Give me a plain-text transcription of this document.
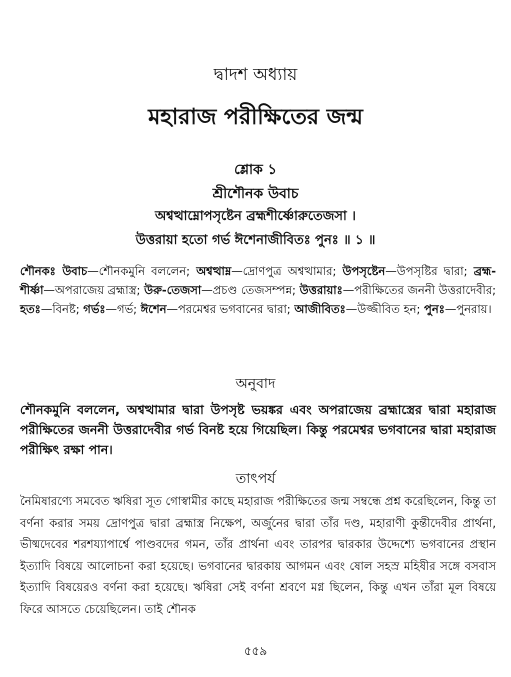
দ্বাদশ অধ্যায়
মহারাজ পরীক্ষিতের জন্ম
শ্লোক ১
শ্রীশৌনক উবাচ
অশ্বত্থাম্নোপসৃষ্টেন ব্রহ্মশীর্ষ্ণোরুতেজসা ।
উত্তরায়া হতো গর্ভ ঈশেনাজীবিতঃ পুনঃ ॥ ১ ॥
শৌনকঃ উবাচ—শৌনকমুনি বললেন; অশ্বত্থাম্ন—দ্রোণপুত্র অশ্বত্থামার; উপসৃষ্টেন—উপসৃষ্টির দ্বারা; ব্রহ্ম-শীর্ষ্ণা—অপরাজেয় ব্রহ্মাস্ত্র; উরু-তেজসা—প্রচণ্ড তেজসম্পন্ন; উত্তরায়াঃ—পরীক্ষিতের জননী উত্তরাদেবীর; হতঃ—বিনষ্ট; গর্ভঃ—গর্ভ; ঈশেন—পরমেশ্বর ভগবানের দ্বারা; আজীবিতঃ—উজ্জীবিত হন; পুনঃ—পুনরায়।
অনুবাদ
শৌনকমুনি বললেন, অশ্বত্থামার দ্বারা উপসৃষ্ট ভয়ঙ্কর এবং অপরাজেয় ব্রহ্মাস্ত্রের দ্বারা মহারাজ পরীক্ষিতের জননী উত্তরাদেবীর গর্ভ বিনষ্ট হয়ে গিয়েছিল। কিন্তু পরমেশ্বর ভগবানের দ্বারা মহারাজ পরীক্ষিৎ রক্ষা পান।
তাৎপর্য
নৈমিষারণ্যে সমবেত ঋষিরা সূত গোস্বামীর কাছে মহারাজ পরীক্ষিতের জন্ম সম্বন্ধে প্রশ্ন করেছিলেন, কিন্তু তা বর্ণনা করার সময় দ্রোণপুত্র দ্বারা ব্রহ্মাস্ত্র নিক্ষেপ, অর্জুনের দ্বারা তাঁর দণ্ড, মহারাণী কুন্তীদেবীর প্রার্থনা, ভীষ্মদেবের শরশয্যাপার্শ্বে পাণ্ডবদের গমন, তাঁর প্রার্থনা এবং তারপর দ্বারকার উদ্দেশ্যে ভগবানের প্রস্থান ইত্যাদি বিষয়ে আলোচনা করা হয়েছে। ভগবানের দ্বারকায় আগমন এবং ষোল সহস্র মহিষীর সঙ্গে বসবাস ইত্যাদি বিষয়েরও বর্ণনা করা হয়েছে। ঋষিরা সেই বর্ণনা শ্রবণে মগ্ন ছিলেন, কিন্তু এখন তাঁরা মূল বিষয়ে ফিরে আসতে চেয়েছিলেন। তাই শৌনক
৫৫৯
